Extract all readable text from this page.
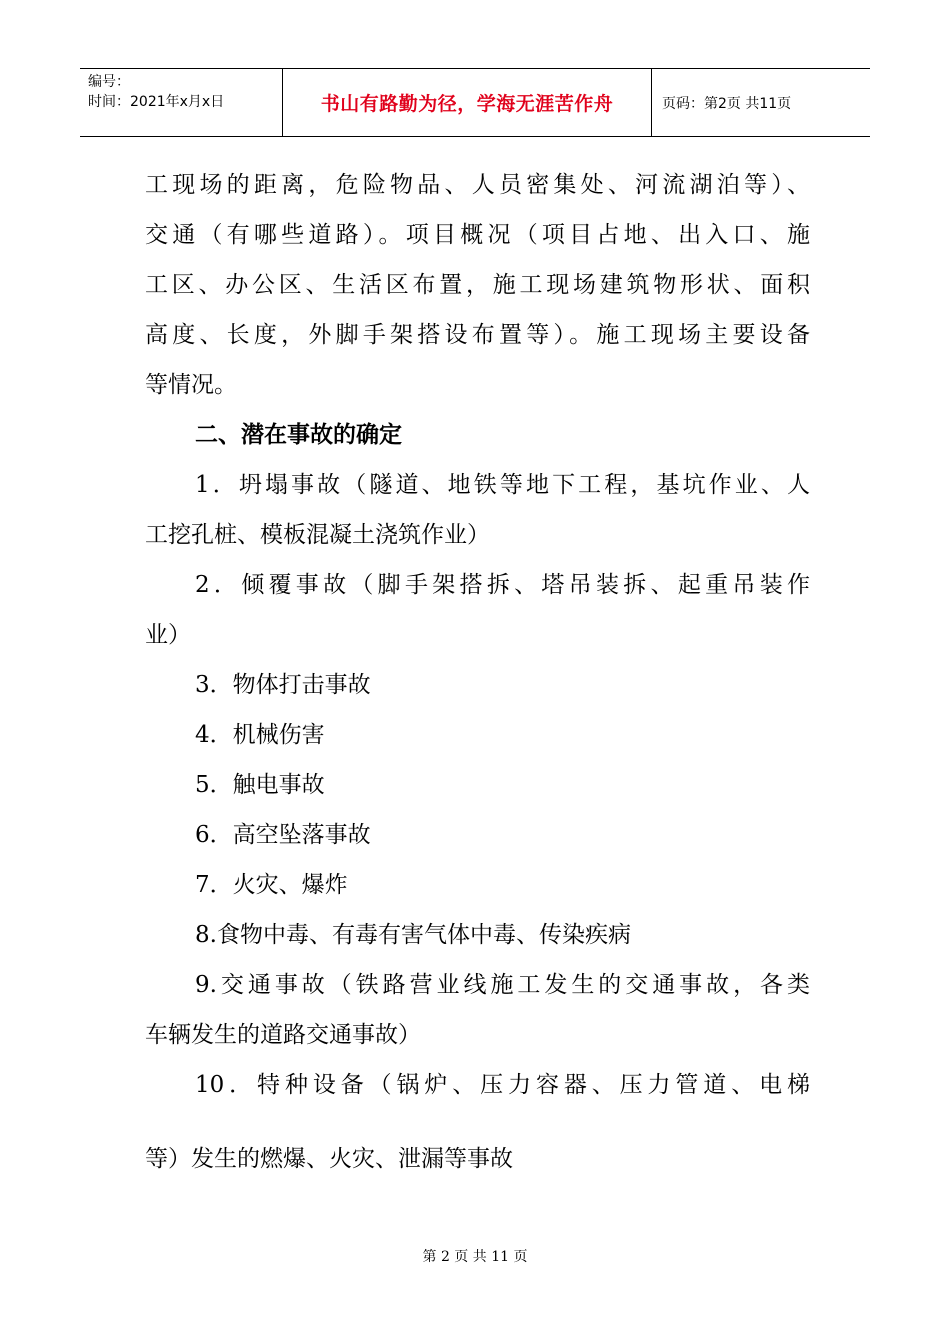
编号：
时间：2021年x月x日	书山有路勤为径，学海无涯苦作舟	页码：第2页 共11页
工现场的距离，危险物品、人员密集处、河流湖泊等）、
交通（有哪些道路）。项目概况（项目占地、出入口、施
工区、办公区、生活区布置，施工现场建筑物形状、面积
高度、长度，外脚手架搭设布置等）。施工现场主要设备
等情况。
二、潜在事故的确定
1．坍塌事故（隧道、地铁等地下工程，基坑作业、人
工挖孔桩、模板混凝土浇筑作业）
2．倾覆事故（脚手架搭拆、塔吊装拆、起重吊装作
业）
3．物体打击事故
4．机械伤害
5．触电事故
6．高空坠落事故
7．火灾、爆炸
8.食物中毒、有毒有害气体中毒、传染疾病
9.交通事故（铁路营业线施工发生的交通事故，各类
车辆发生的道路交通事故）
10．特种设备（锅炉、压力容器、压力管道、电梯
等）发生的燃爆、火灾、泄漏等事故
第 2 页 共 11 页
